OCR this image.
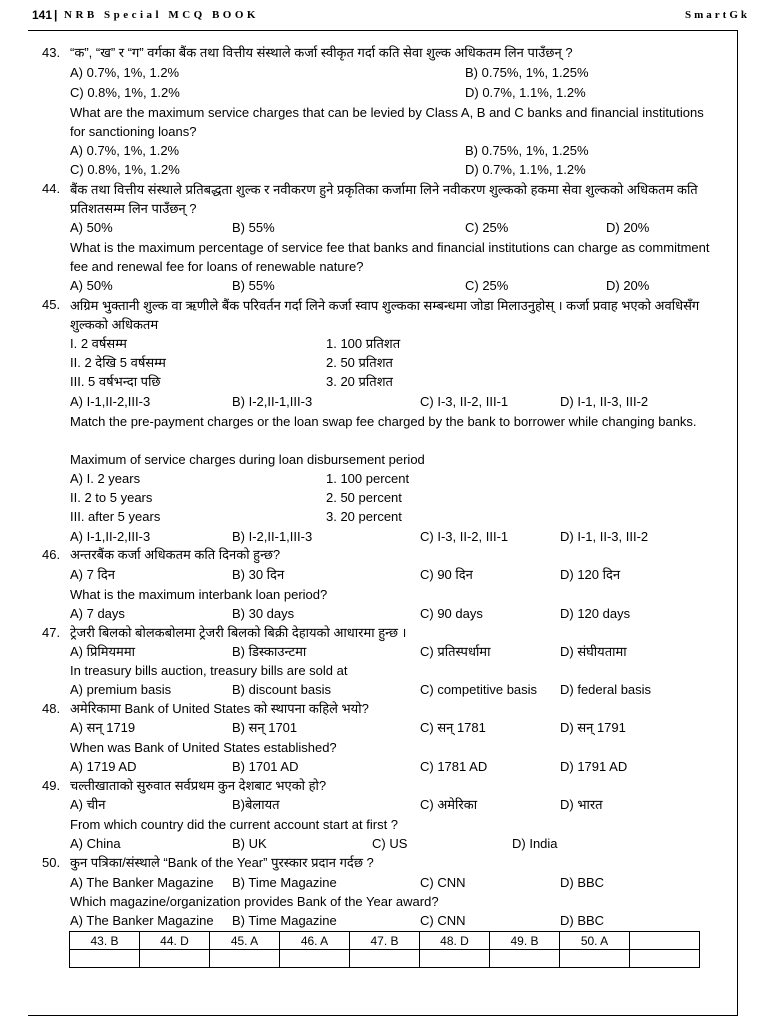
141 | NRB Special MCQ BOOK	SmartGk
43. “क”, “ख” र “ग” वर्गका बैंक तथा वित्तीय संस्थाले कर्जा स्वीकृत गर्दा कति सेवा शुल्क अधिकतम लिन पाउँछन् ?
A) 0.7%, 1%, 1.2%	B) 0.75%, 1%, 1.25%
C) 0.8%, 1%, 1.2%	D) 0.7%, 1.1%, 1.2%
What are the maximum service charges that can be levied by Class A, B and C banks and financial institutions for sanctioning loans?
A) 0.7%, 1%, 1.2%	B) 0.75%, 1%, 1.25%
C) 0.8%, 1%, 1.2%	D) 0.7%, 1.1%, 1.2%
44. बैंक तथा वित्तीय संस्थाले प्रतिबद्धता शुल्क र नवीकरण हुने प्रकृतिका कर्जामा लिने नवीकरण शुल्कको हकमा सेवा शुल्कको अधिकतम कति प्रतिशतसम्म लिन पाउँछन् ?
A) 50%	B) 55%	C) 25%	D) 20%
What is the maximum percentage of service fee that banks and financial institutions can charge as commitment fee and renewal fee for loans of renewable nature?
A) 50%	B) 55%	C) 25%	D) 20%
45. अग्रिम भुक्तानी शुल्क वा ऋणीले बैंक परिवर्तन गर्दा लिने कर्जा स्वाप शुल्कका सम्बन्धमा जोडा मिलाउनुहोस् । कर्जा प्रवाह भएको अवधिसँग शुल्कको अधिकतम
I. 2 वर्षसम्म	1. 100 प्रतिशत
II. 2 देखि 5 वर्षसम्म	2. 50 प्रतिशत
III. 5 वर्षभन्दा पछि	3. 20 प्रतिशत
A) I-1,II-2,III-3	B) I-2,II-1,III-3	C) I-3, II-2, III-1	D) I-1, II-3, III-2
Match the pre-payment charges or the loan swap fee charged by the bank to borrower while changing banks.
Maximum of service charges during loan disbursement period
A) I. 2 years	1. 100 percent
II. 2 to 5 years	2. 50 percent
III. after 5 years	3. 20 percent
A) I-1,II-2,III-3	B) I-2,II-1,III-3	C) I-3, II-2, III-1	D) I-1, II-3, III-2
46. अन्तरबैंक कर्जा अधिकतम कति दिनको हुन्छ?
A) 7 दिन	B) 30 दिन	C) 90 दिन	D) 120 दिन
What is the maximum interbank loan period?
A) 7 days	B) 30 days	C) 90 days	D) 120 days
47. ट्रेजरी बिलको बोलकबोलमा ट्रेजरी बिलको बिक्री देहायको आधारमा हुन्छ ।
A) प्रिमियममा	B) डिस्काउन्टमा	C) प्रतिस्पर्धामा	D) संघीयतामा
In treasury bills auction, treasury bills are sold at
A) premium basis	B) discount basis	C) competitive basis D) federal basis
48. अमेरिकामा Bank of United States को स्थापना कहिले भयो?
A) सन् 1719	B) सन् 1701	C) सन् 1781	D) सन् 1791
When was Bank of United States established?
A) 1719 AD	B) 1701 AD	C) 1781 AD	D) 1791 AD
49. चल्तीखाताको सुरुवात सर्वप्रथम कुन देशबाट भएको हो?
A) चीन	B)बेलायत	C) अमेरिका	D) भारत
From which country did the current account start at first ?
A) China	B) UK	C) US	D) India
50. कुन पत्रिका/संस्थाले “Bank of the Year” पुरस्कार प्रदान गर्दछ ?
A) The Banker Magazine B) Time Magazine	C) CNN	D) BBC
Which magazine/organization provides Bank of the Year award?
A) The Banker Magazine B) Time Magazine	C) CNN	D) BBC
43. B	44. D	45. A	46. A	47. B	48. D	49. B	50. A	
